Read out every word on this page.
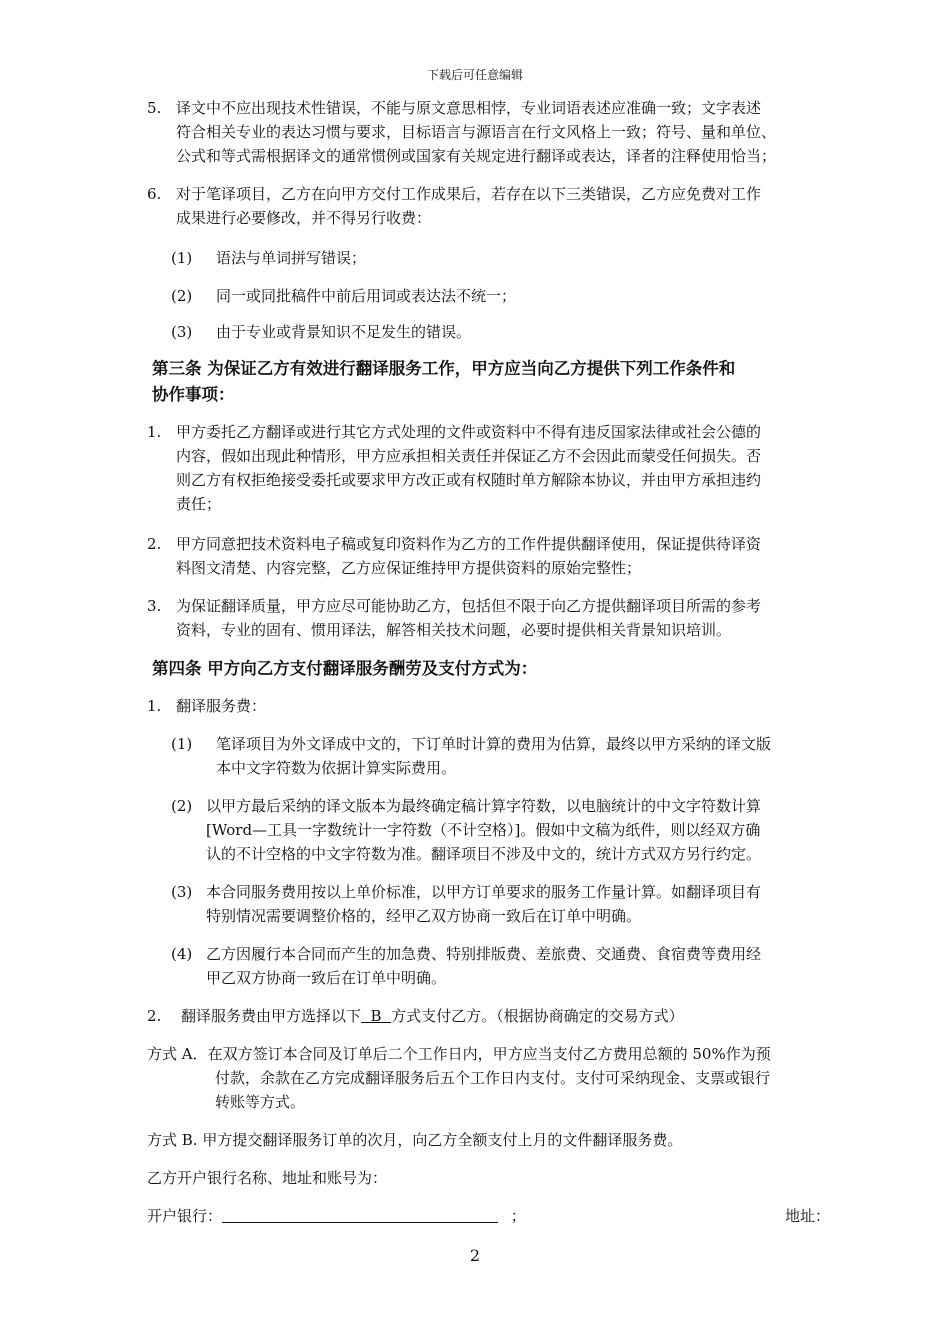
下载后可任意编辑
5. 译文中不应出现技术性错误，不能与原文意思相悖，专业词语表述应准确一致；文字表述
符合相关专业的表达习惯与要求，目标语言与源语言在行文风格上一致；符号、量和单位、
公式和等式需根据译文的通常惯例或国家有关规定进行翻译或表达，译者的注释使用恰当；
6. 对于笔译项目，乙方在向甲方交付工作成果后，若存在以下三类错误，乙方应免费对工作
成果进行必要修改，并不得另行收费：
(1)	语法与单词拼写错误；
(2)	同一或同批稿件中前后用词或表达法不统一；
(3)	由于专业或背景知识不足发生的错误。
第三条 为保证乙方有效进行翻译服务工作，甲方应当向乙方提供下列工作条件和
协作事项：
1. 甲方委托乙方翻译或进行其它方式处理的文件或资料中不得有违反国家法律或社会公德的
内容，假如出现此种情形，甲方应承担相关责任并保证乙方不会因此而蒙受任何损失。否
则乙方有权拒绝接受委托或要求甲方改正或有权随时单方解除本协议，并由甲方承担违约
责任；
2. 甲方同意把技术资料电子稿或复印资料作为乙方的工作件提供翻译使用，保证提供待译资
料图文清楚、内容完整，乙方应保证维持甲方提供资料的原始完整性；
3. 为保证翻译质量，甲方应尽可能协助乙方，包括但不限于向乙方提供翻译项目所需的参考
资料，专业的固有、惯用译法，解答相关技术问题，必要时提供相关背景知识培训。
第四条 甲方向乙方支付翻译服务酬劳及支付方式为：
1. 翻译服务费：
(1)	笔译项目为外文译成中文的，下订单时计算的费用为估算，最终以甲方采纳的译文版
本中文字符数为依据计算实际费用。
(2) 以甲方最后采纳的译文版本为最终确定稿计算字符数，以电脑统计的中文字符数计算
[Word—工具一字数统计一字符数（不计空格）]。假如中文稿为纸件，则以经双方确
认的不计空格的中文字符数为准。翻译项目不涉及中文的，统计方式双方另行约定。
(3) 本合同服务费用按以上单价标准，以甲方订单要求的服务工作量计算。如翻译项目有
特别情况需要调整价格的，经甲乙双方协商一致后在订单中明确。
(4) 乙方因履行本合同而产生的加急费、特别排版费、差旅费、交通费、食宿费等费用经
甲乙双方协商一致后在订单中明确。
2.	翻译服务费由甲方选择以下  B  方式支付乙方。（根据协商确定的交易方式）
方式 A．在双方签订本合同及订单后二个工作日内，甲方应当支付乙方费用总额的 50%作为预
付款，余款在乙方完成翻译服务后五个工作日内支付。支付可采纳现金、支票或银行
转账等方式。
方式 B. 甲方提交翻译服务订单的次月，向乙方全额支付上月的文件翻译服务费。
乙方开户银行名称、地址和账号为：
开户银行：	；	地址：
2
